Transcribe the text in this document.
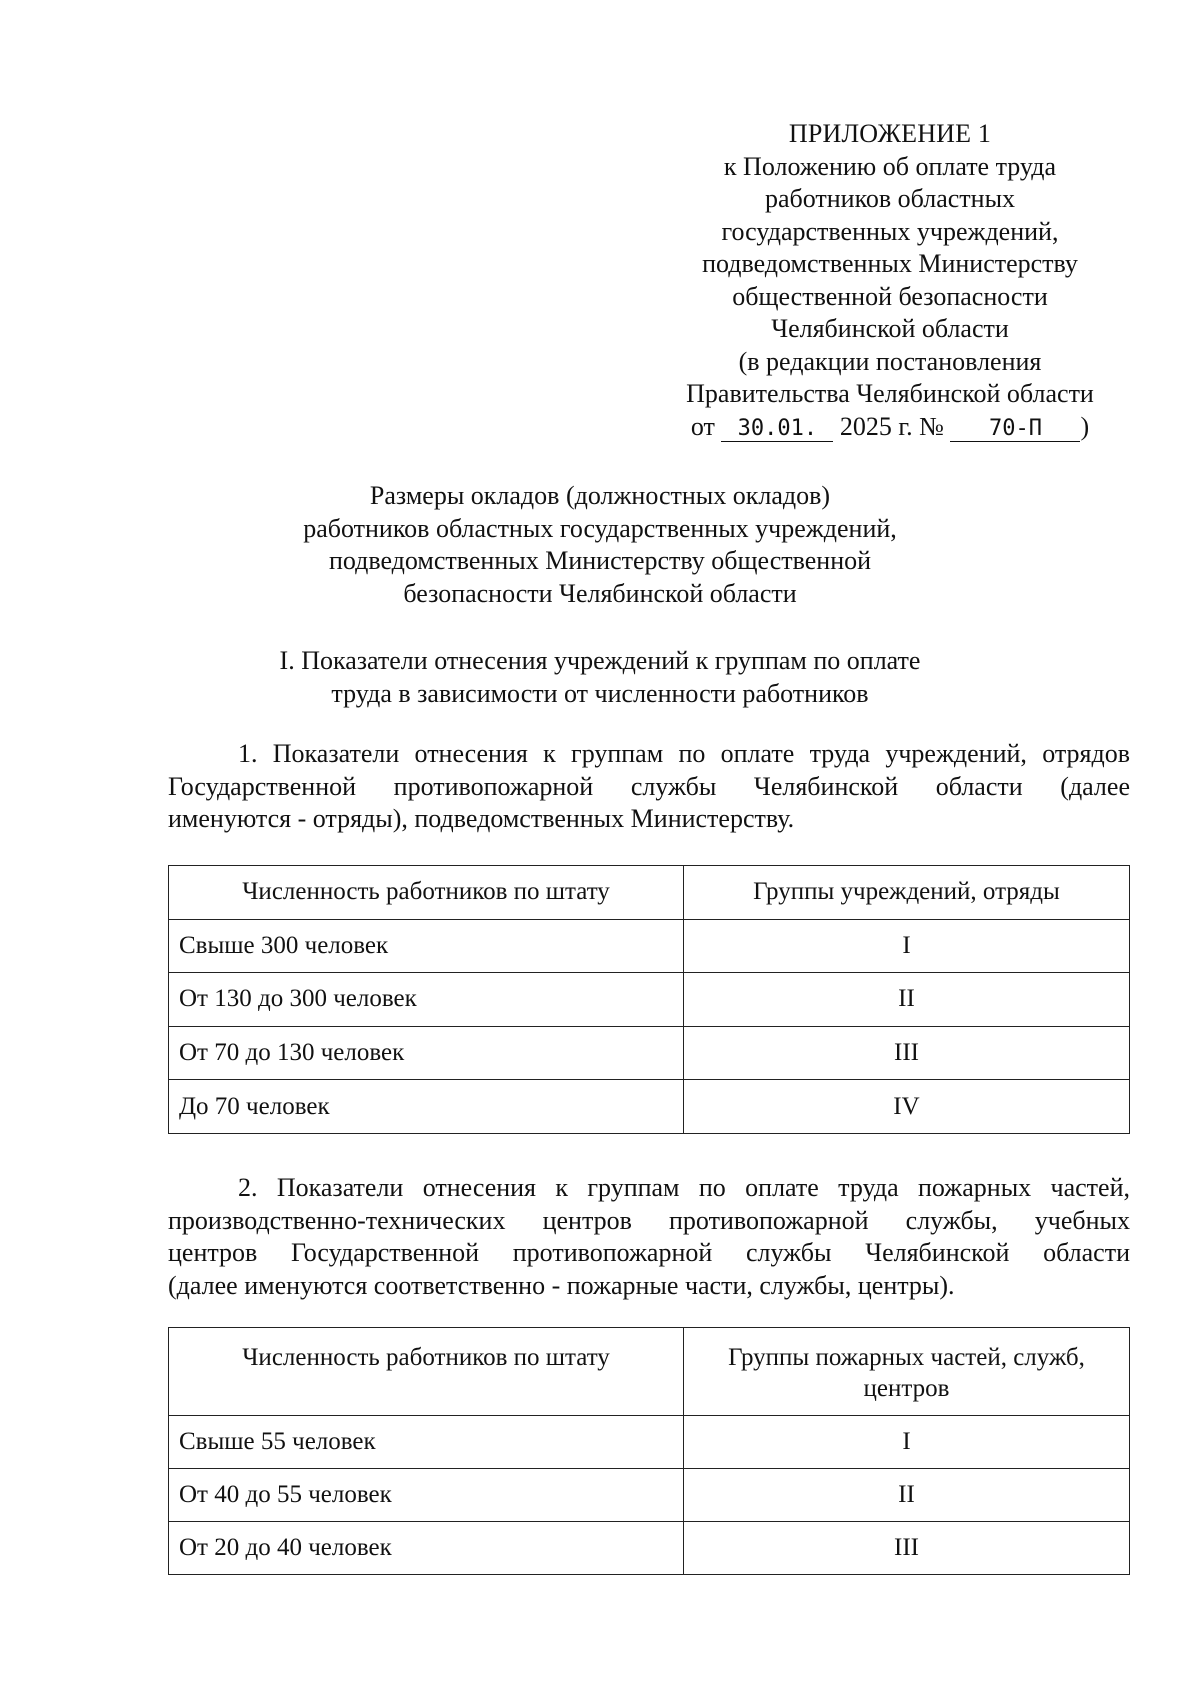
ПРИЛОЖЕНИЕ 1
к Положению об оплате труда
работников областных
государственных учреждений,
подведомственных Министерству
общественной безопасности
Челябинской области
(в редакции постановления
Правительства Челябинской области
от 30.01. 2025 г. № 70-П )
Размеры окладов (должностных окладов)
работников областных государственных учреждений,
подведомственных Министерству общественной
безопасности Челябинской области
I. Показатели отнесения учреждений к группам по оплате
труда в зависимости от численности работников
1. Показатели отнесения к группам по оплате труда учреждений, отрядов
Государственной противопожарной службы Челябинской области (далее
именуются - отряды), подведомственных Министерству.
Численность работников по штату	Группы учреждений, отряды
Свыше 300 человек	I
От 130 до 300 человек	II
От 70 до 130 человек	III
До 70 человек	IV
2. Показатели отнесения к группам по оплате труда пожарных частей,
производственно-технических центров противопожарной службы, учебных
центров Государственной противопожарной службы Челябинской области
(далее именуются соответственно - пожарные части, службы, центры).
Численность работников по штату	Группы пожарных частей, служб, центров
Свыше 55 человек	I
От 40 до 55 человек	II
От 20 до 40 человек	III
